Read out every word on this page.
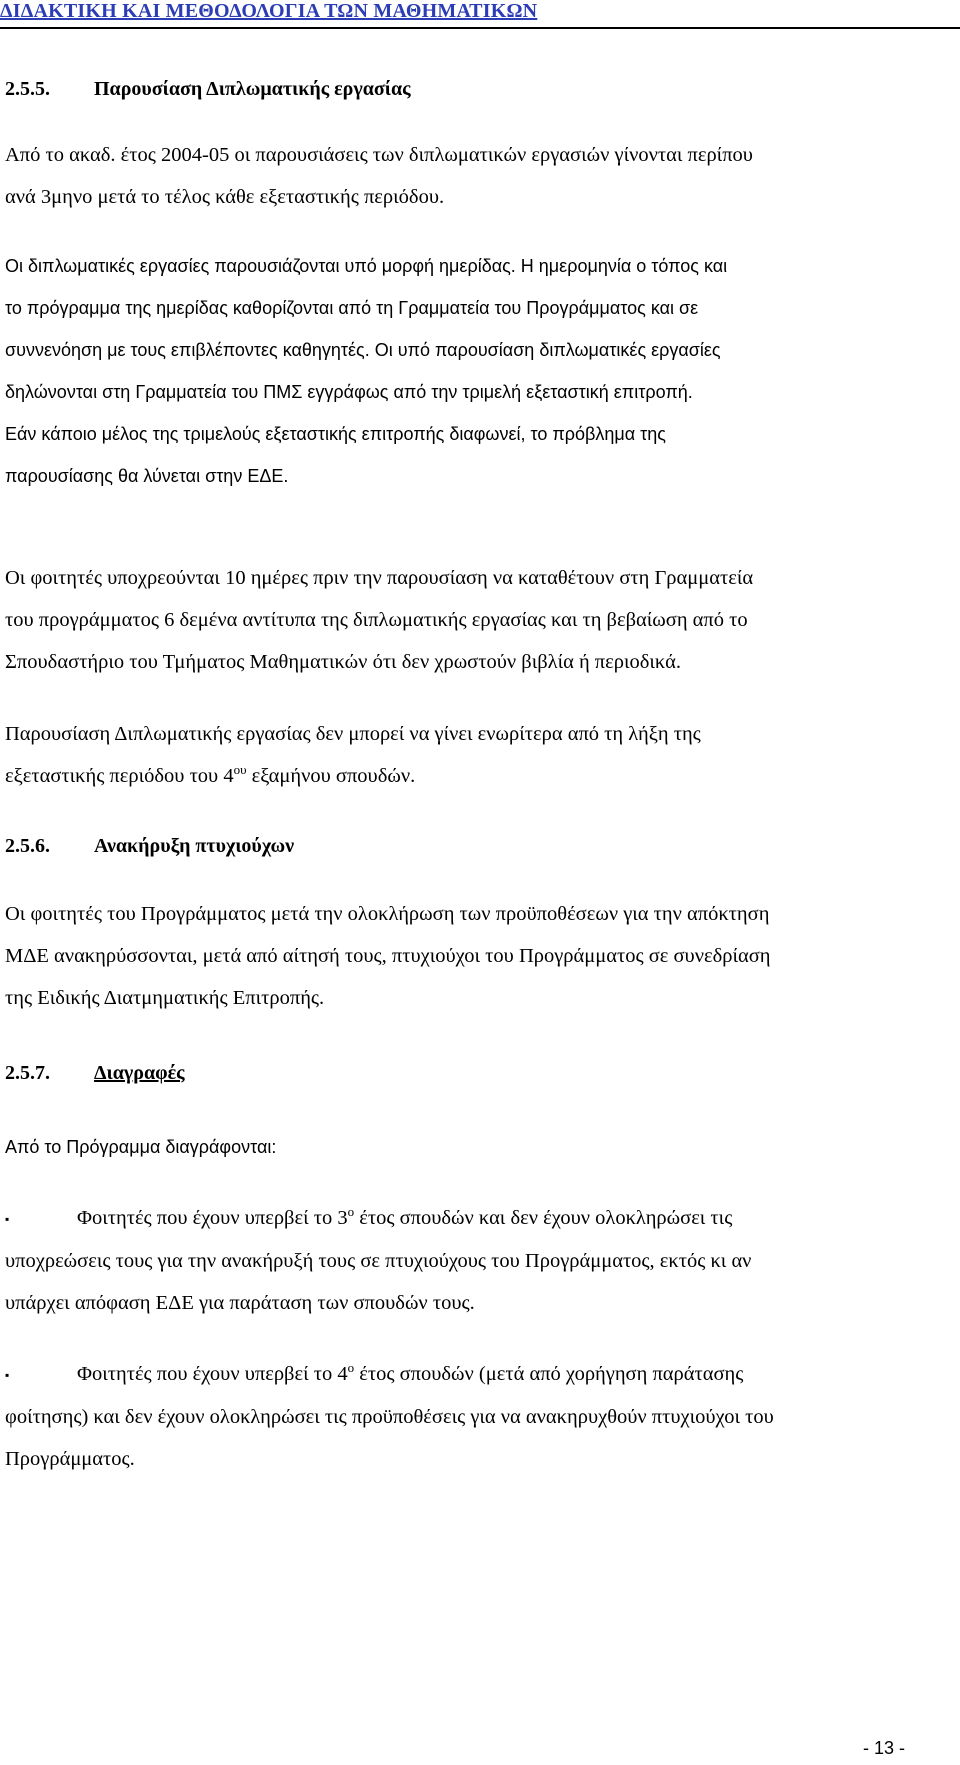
ΔΙΔΑΚΤΙΚΗ ΚΑΙ ΜΕΘΟΔΟΛΟΓΙΑ ΤΩΝ ΜΑΘΗΜΑΤΙΚΩΝ
2.5.5. Παρουσίαση Διπλωματικής εργασίας
Από το ακαδ. έτος 2004-05 οι παρουσιάσεις των διπλωματικών εργασιών γίνονται περίπου
ανά 3μηνο μετά το τέλος κάθε εξεταστικής περιόδου.
Οι διπλωματικές εργασίες παρουσιάζονται υπό μορφή ημερίδας. Η ημερομηνία ο τόπος και
το πρόγραμμα της ημερίδας καθορίζονται από τη Γραμματεία του Προγράμματος και σε
συννενόηση με τους επιβλέποντες καθηγητές. Οι υπό παρουσίαση διπλωματικές εργασίες
δηλώνονται στη Γραμματεία του ΠΜΣ εγγράφως από την τριμελή εξεταστική επιτροπή.
Εάν κάποιο μέλος της τριμελούς εξεταστικής επιτροπής διαφωνεί, το πρόβλημα της
παρουσίασης θα λύνεται στην ΕΔΕ.
Οι φοιτητές υποχρεούνται 10 ημέρες πριν την παρουσίαση να καταθέτουν στη Γραμματεία
του προγράμματος 6 δεμένα αντίτυπα της διπλωματικής εργασίας και τη βεβαίωση από το
Σπουδαστήριο του Τμήματος Μαθηματικών ότι δεν χρωστούν βιβλία ή περιοδικά.
Παρουσίαση Διπλωματικής εργασίας δεν μπορεί να γίνει ενωρίτερα από τη λήξη της
εξεταστικής περιόδου του $4^{o\upsilon}$ εξαμήνου σπουδών.
2.5.6. Ανακήρυξη πτυχιούχων
Οι φοιτητές του Προγράμματος μετά την ολοκλήρωση των προϋποθέσεων για την απόκτηση
ΜΔΕ ανακηρύσσονται, μετά από αίτησή τους, πτυχιούχοι του Προγράμματος σε συνεδρίαση
της Ειδικής Διατμηματικής Επιτροπής.
2.5.7. Διαγραφές
Από το Πρόγραμμα διαγράφονται:
▪	Φοιτητές που έχουν υπερβεί το $3^o$ έτος σπουδών και δεν έχουν ολοκληρώσει τις
υποχρεώσεις τους για την ανακήρυξή τους σε πτυχιούχους του Προγράμματος, εκτός κι αν
υπάρχει απόφαση ΕΔΕ για παράταση των σπουδών τους.
▪	Φοιτητές που έχουν υπερβεί το $4^o$ έτος σπουδών (μετά από χορήγηση παράτασης
φοίτησης) και δεν έχουν ολοκληρώσει τις προϋποθέσεις για να ανακηρυχθούν πτυχιούχοι του
Προγράμματος.
- 13 -
